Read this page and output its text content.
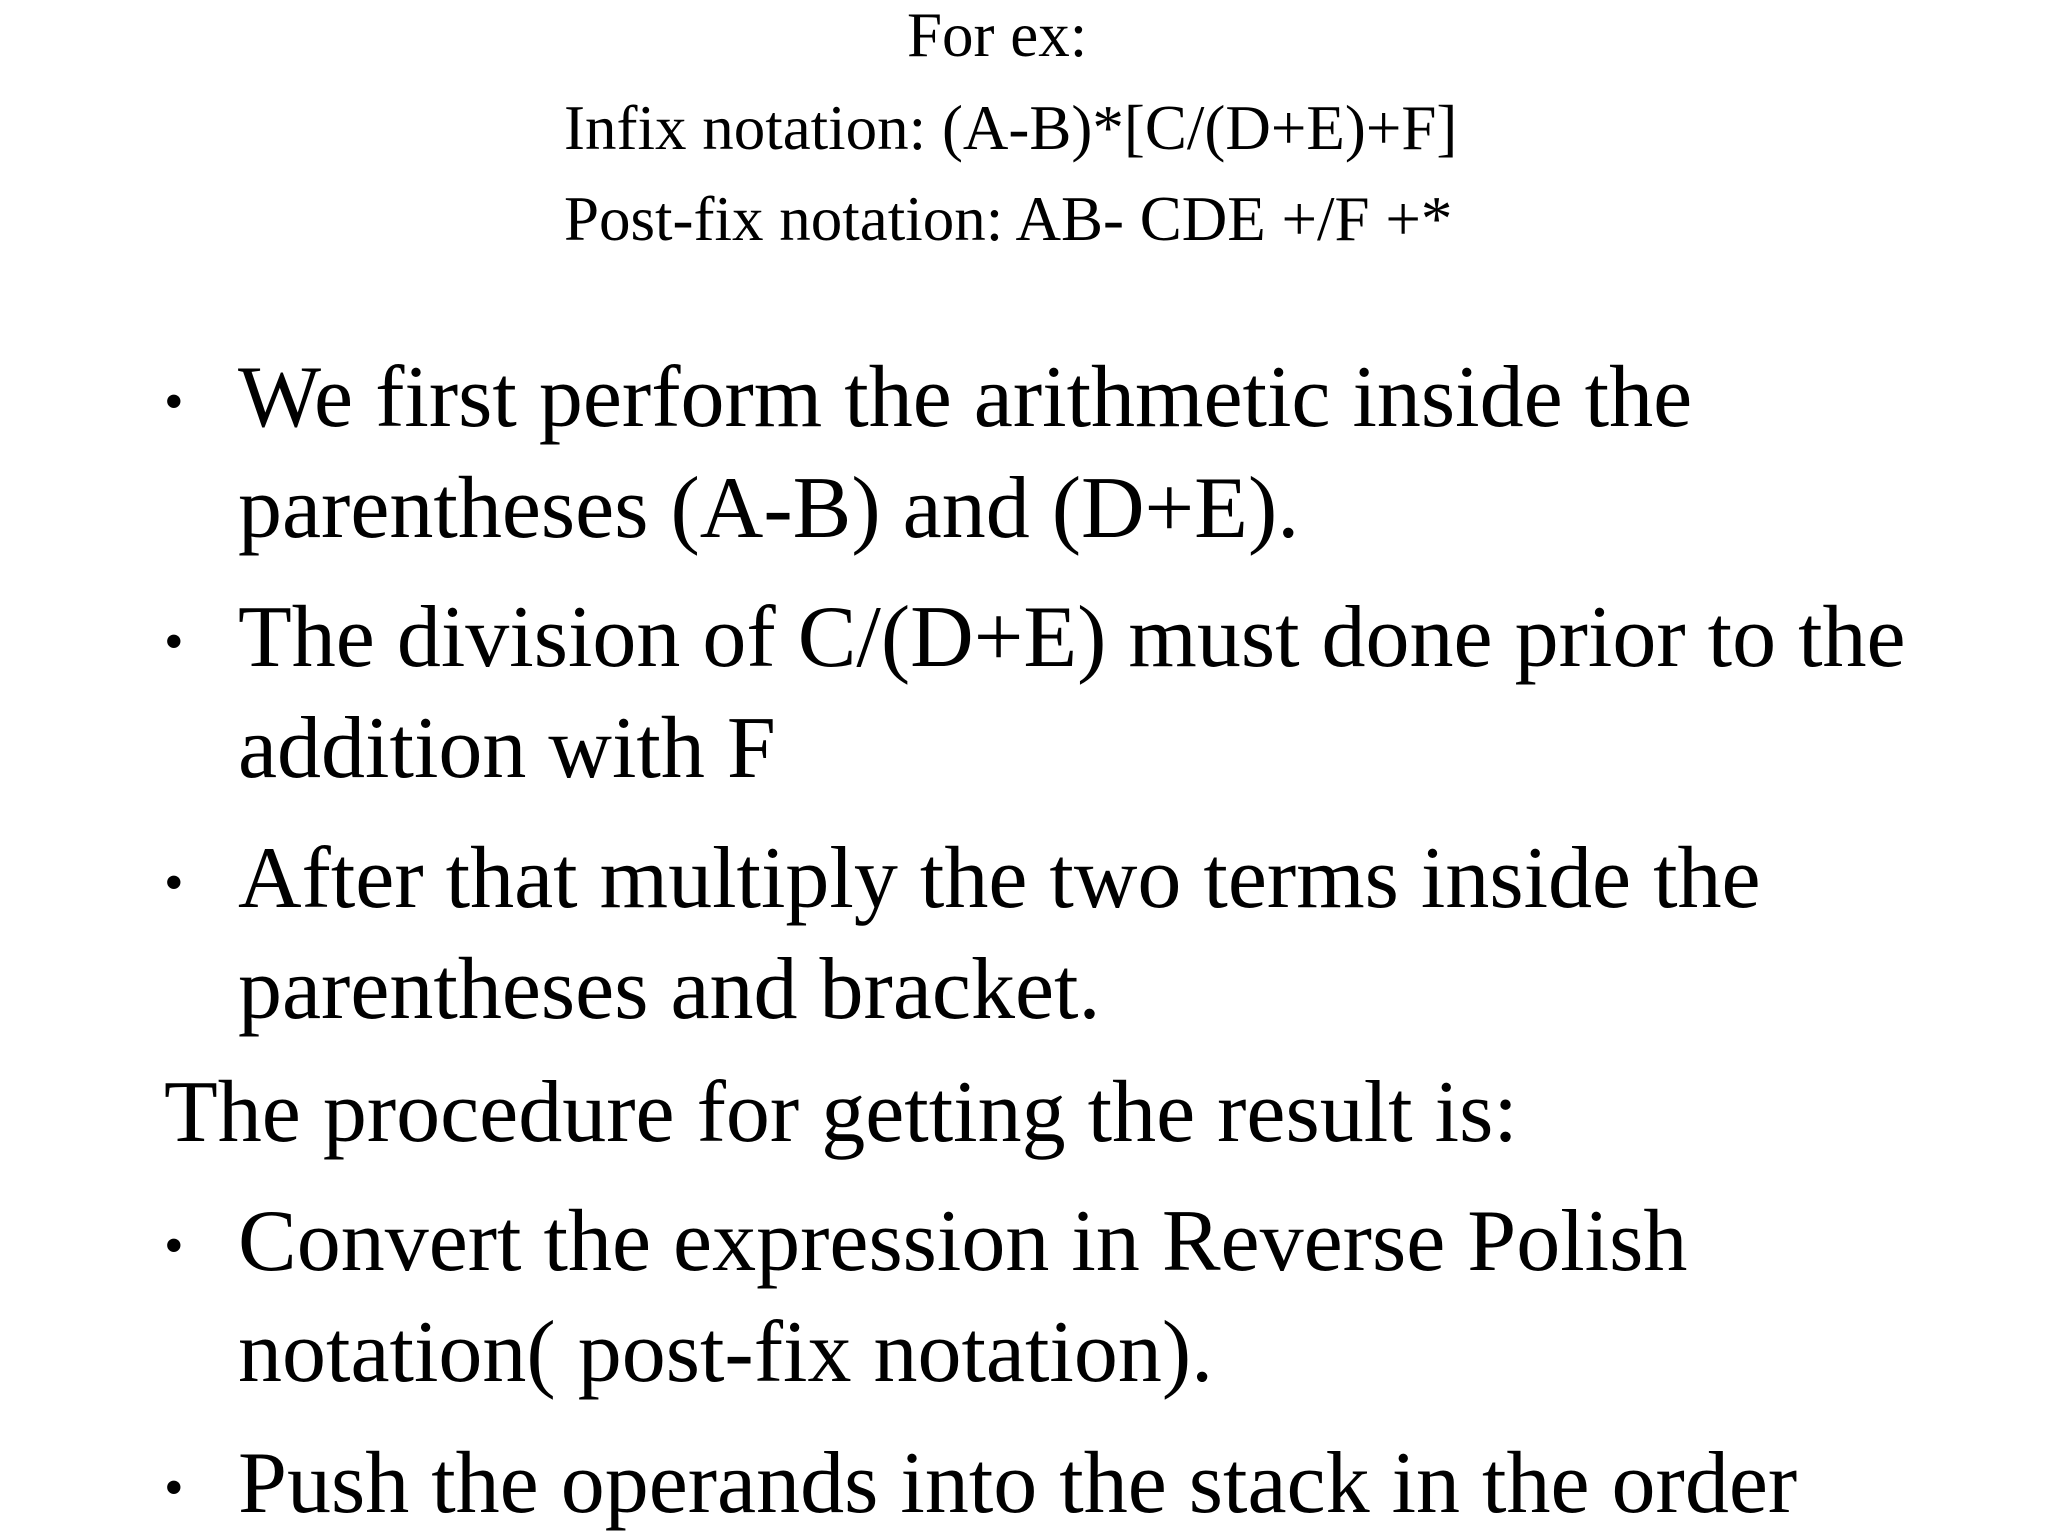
For ex:
Infix notation: (A-B)*[C/(D+E)+F]
Post-fix notation: AB- CDE +/F +*
• We first perform the arithmetic inside the
parentheses (A-B) and (D+E).
• The division of C/(D+E) must done prior to the
addition with F
• After that multiply the two terms inside the
parentheses and bracket.
The procedure for getting the result is:
• Convert the expression in Reverse Polish
notation( post-fix notation).
• Push the operands into the stack in the order
